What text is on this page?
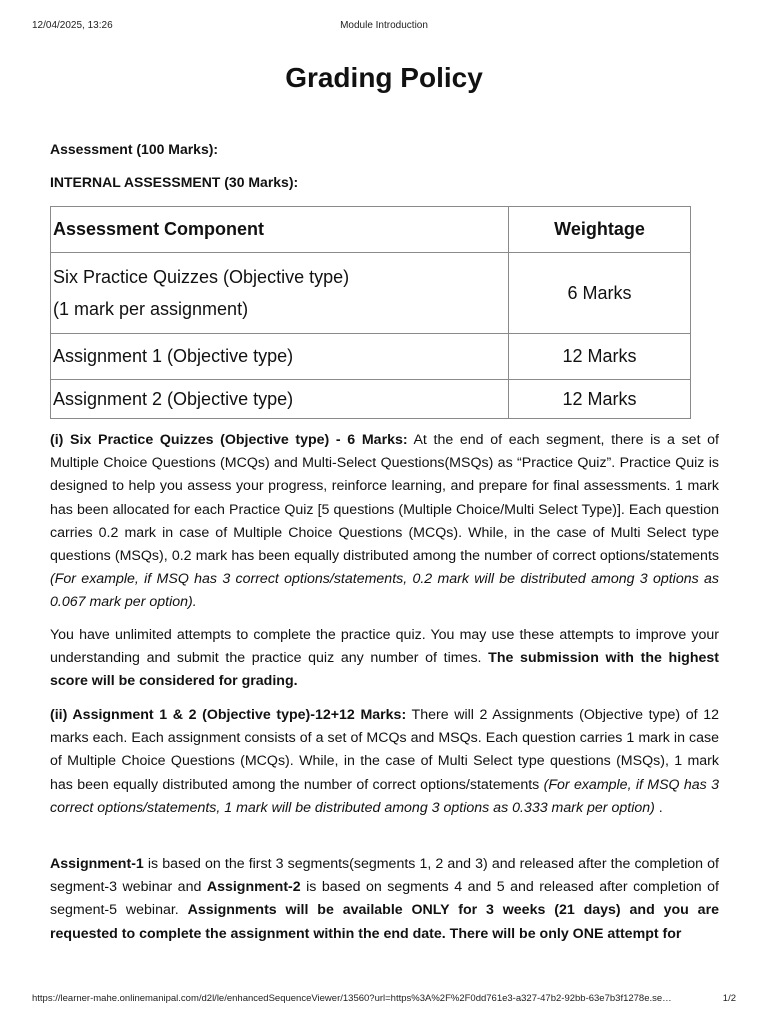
12/04/2025, 13:26	Module Introduction
Grading Policy

Assessment (100 Marks):

INTERNAL ASSESSMENT (30 Marks):

Assessment Component	Weightage

Six Practice Quizzes (Objective type)
(1 mark per assignment)	6 Marks
Assignment 1 (Objective type)	12 Marks
Assignment 2 (Objective type)	12 Marks

(i) Six Practice Quizzes (Objective type) - 6 Marks: At the end of each segment, there is a set of Multiple Choice Questions (MCQs) and Multi-Select Questions(MSQs) as “Practice Quiz”. Practice Quiz is designed to help you assess your progress, reinforce learning, and prepare for final assessments. 1 mark has been allocated for each Practice Quiz [5 questions (Multiple Choice/Multi Select Type)]. Each question carries 0.2 mark in case of Multiple Choice Questions (MCQs). While, in the case of Multi Select type questions (MSQs), 0.2 mark has been equally distributed among the number of correct options/statements (For example, if MSQ has 3 correct options/statements, 0.2 mark will be distributed among 3 options as 0.067 mark per option).

You have unlimited attempts to complete the practice quiz. You may use these attempts to improve your understanding and submit the practice quiz any number of times. The submission with the highest score will be considered for grading.

(ii) Assignment 1 & 2 (Objective type)-12+12 Marks: There will 2 Assignments (Objective type) of 12 marks each. Each assignment consists of a set of MCQs and MSQs. Each question carries 1 mark in case of Multiple Choice Questions (MCQs). While, in the case of Multi Select type questions (MSQs), 1 mark has been equally distributed among the number of correct options/statements (For example, if MSQ has 3 correct options/statements, 1 mark will be distributed among 3 options as 0.333 mark per option) .

Assignment-1 is based on the first 3 segments(segments 1, 2 and 3) and released after the completion of segment-3 webinar and Assignment-2 is based on segments 4 and 5 and released after completion of segment-5 webinar. Assignments will be available ONLY for 3 weeks (21 days) and you are requested to complete the assignment within the end date. There will be only ONE attempt for

https://learner-mahe.onlinemanipal.com/d2l/le/enhancedSequenceViewer/13560?url=https%3A%2F%2F0dd761e3-a327-47b2-92bb-63e7b3f1278e.se…	1/2
